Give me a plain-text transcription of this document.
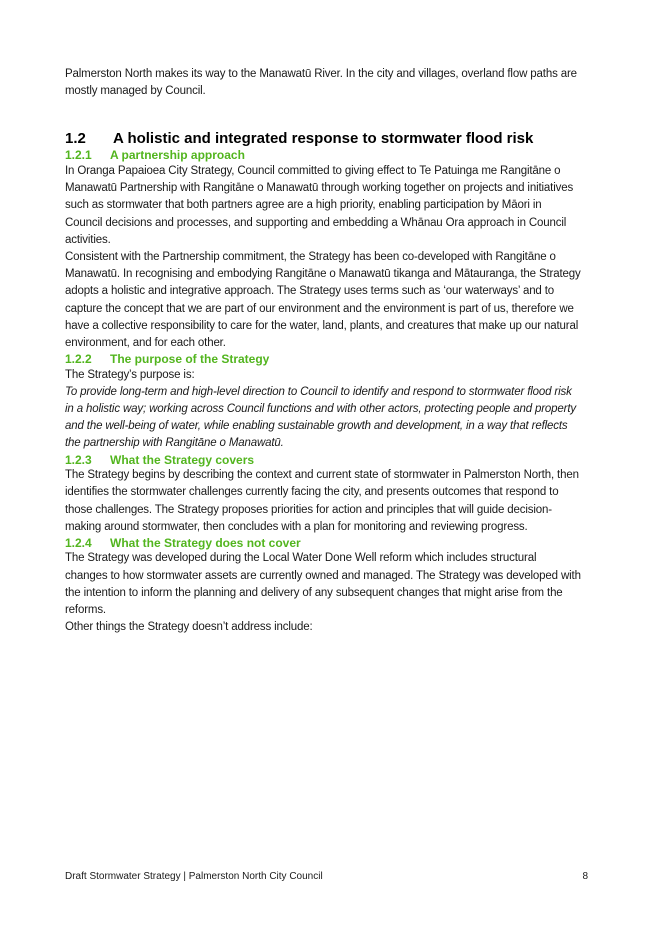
Palmerston North makes its way to the Manawatū River. In the city and villages, overland flow paths are mostly managed by Council.

1.2	A holistic and integrated response to stormwater flood risk
1.2.1	A partnership approach

In Oranga Papaioea City Strategy, Council committed to giving effect to Te Patuinga me Rangitāne o Manawatū Partnership with Rangitāne o Manawatū through working together on projects and initiatives such as stormwater that both partners agree are a high priority, enabling participation by Māori in Council decisions and processes, and supporting and embedding a Whānau Ora approach in Council activities.

Consistent with the Partnership commitment, the Strategy has been co-developed with Rangitāne o Manawatū. In recognising and embodying Rangitāne o Manawatū tikanga and Mātauranga, the Strategy adopts a holistic and integrative approach. The Strategy uses terms such as ‘our waterways’ and to capture the concept that we are part of our environment and the environment is part of us, therefore we have a collective responsibility to care for the water, land, plants, and creatures that make up our natural environment, and for each other.

1.2.2	The purpose of the Strategy

The Strategy’s purpose is:

To provide long-term and high-level direction to Council to identify and respond to stormwater flood risk in a holistic way; working across Council functions and with other actors, protecting people and property and the well-being of water, while enabling sustainable growth and development, in a way that reflects the partnership with Rangitāne o Manawatū.

1.2.3	What the Strategy covers

The Strategy begins by describing the context and current state of stormwater in Palmerston North, then identifies the stormwater challenges currently facing the city, and presents outcomes that respond to those challenges. The Strategy proposes priorities for action and principles that will guide decision-making around stormwater, then concludes with a plan for monitoring and reviewing progress.

1.2.4	What the Strategy does not cover

The Strategy was developed during the Local Water Done Well reform which includes structural changes to how stormwater assets are currently owned and managed. The Strategy was developed with the intention to inform the planning and delivery of any subsequent changes that might arise from the reforms.

Other things the Strategy doesn’t address include:

Draft Stormwater Strategy | Palmerston North City Council	8
